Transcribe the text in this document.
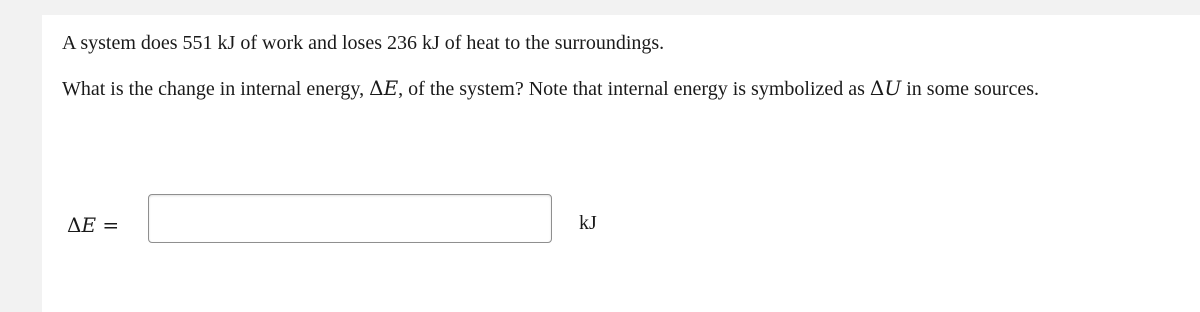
A system does 551 kJ of work and loses 236 kJ of heat to the surroundings.
What is the change in internal energy, ΔE, of the system? Note that internal energy is symbolized as ΔU in some sources.
ΔE =	kJ
